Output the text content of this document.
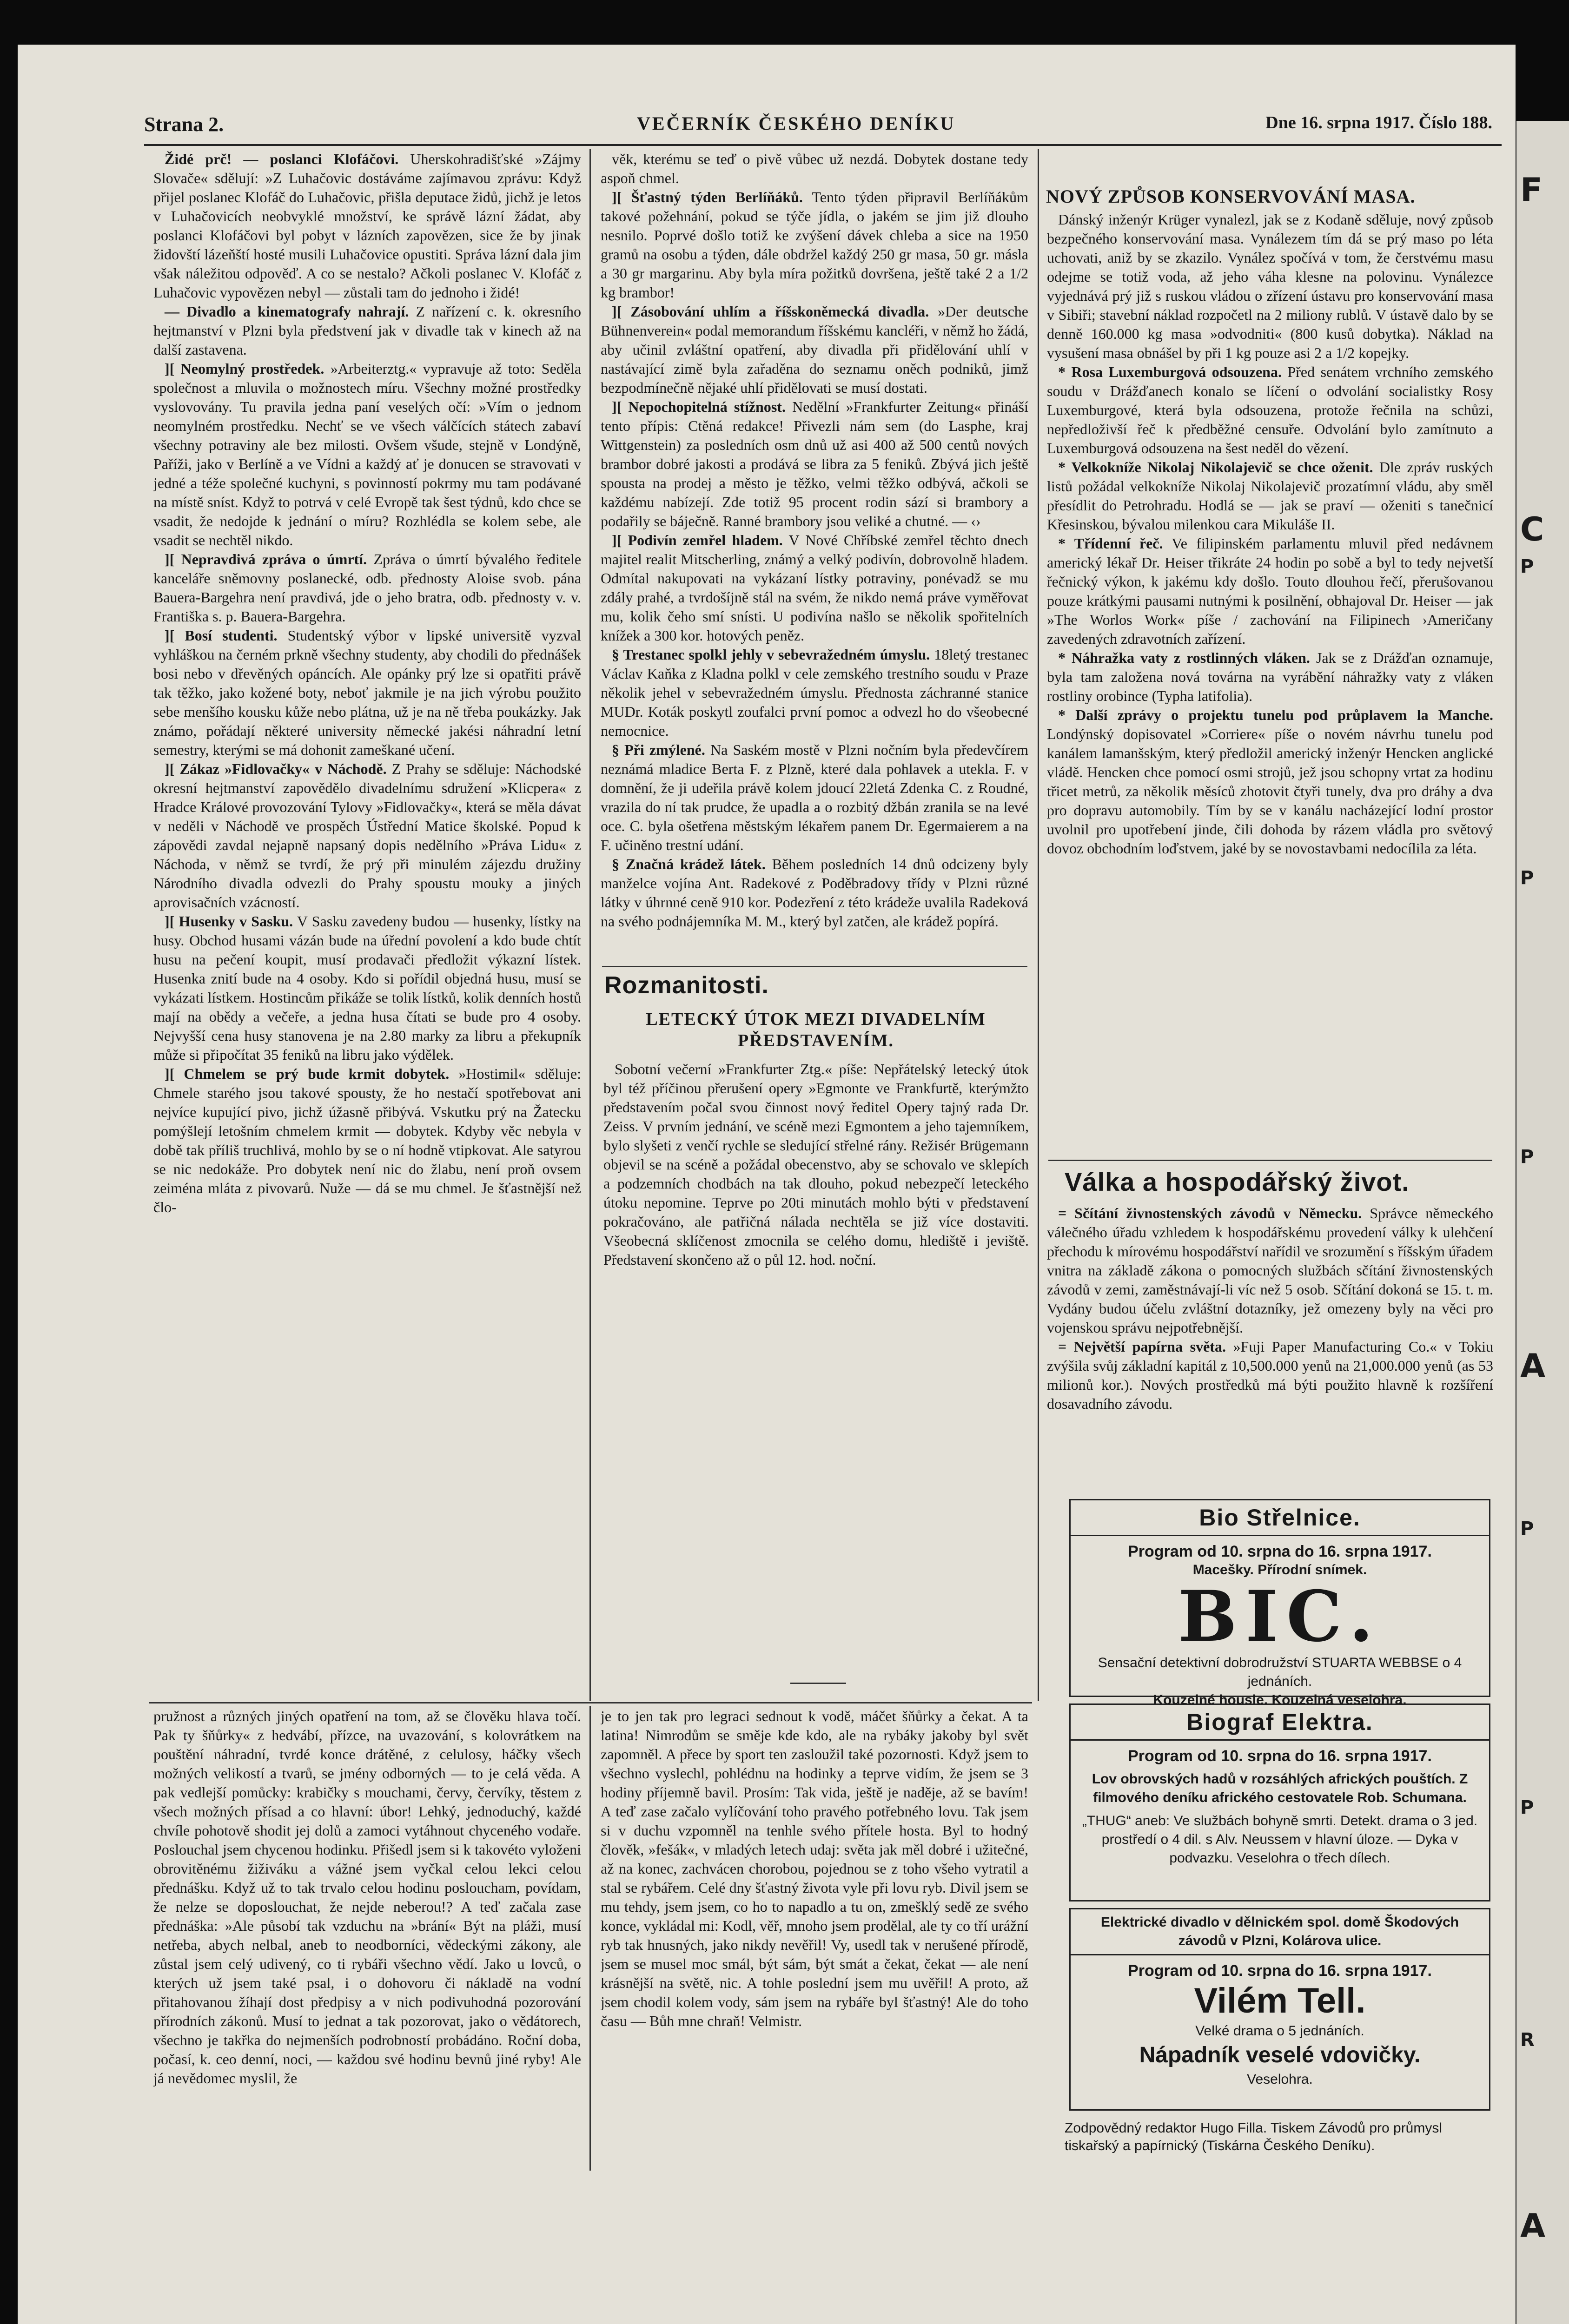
F
C
P
P
P
A
P
P
R
A
Strana 2.	VEČERNÍK ČESKÉHO DENÍKU	Dne 16. srpna 1917. Číslo 188.

Židé prč! — poslanci Klofáčovi. Uherskohradišťské »Zájmy Slovače« sdělují: »Z Luhačovic dostáváme zajímavou zprávu: Když přijel poslanec Klofáč do Luhačovic, přišla deputace židů, jichž je letos v Luhačovicích neobvyklé množství, ke správě lázní žádat, aby poslanci Klofáčovi byl pobyt v lázních zapovězen, sice že by jinak židovští lázeňští hosté musili Luhačovice opustiti. Správa lázní dala jim však náležitou odpověď. A co se nestalo? Ačkoli poslanec V. Klofáč z Luhačovic vypovězen nebyl — zůstali tam do jednoho i židé!

— Divadlo a kinematografy nahrají. Z nařízení c. k. okresního hejtmanství v Plzni byla předstvení jak v divadle tak v kinech až na další zastavena.

][ Neomylný prostředek. »Arbeiterztg.« vypravuje až toto: Seděla společnost a mluvila o možnostech míru. Všechny možné prostředky vyslovovány. Tu pravila jedna paní veselých očí: »Vím o jednom neomylném prostředku. Nechť se ve všech válčících státech zabaví všechny potraviny ale bez milosti. Ovšem všude, stejně v Londýně, Paříži, jako v Berlíně a ve Vídni a každý ať je donucen se stravovati v jedné a téže společné kuchyni, s povinností pokrmy mu tam podávané na místě sníst. Když to potrvá v celé Evropě tak šest týdnů, kdo chce se vsadit, že nedojde k jednání o míru? Rozhlédla se kolem sebe, ale vsadit se nechtěl nikdo.

][ Nepravdivá zpráva o úmrtí. Zpráva o úmrtí bývalého ředitele kanceláře sněmovny poslanecké, odb. přednosty Aloise svob. pána Bauera-Bargehra není pravdivá, jde o jeho bratra, odb. přednosty v. v. Františka s. p. Bauera-Bargehra.

][ Bosí studenti. Studentský výbor v lipské universitě vyzval vyhláškou na černém prkně všechny studenty, aby chodili do přednášek bosi nebo v dřevěných opáncích. Ale opánky prý lze si opatřiti právě tak těžko, jako kožené boty, neboť jakmile je na jich výrobu použito sebe menšího kousku kůže nebo plátna, už je na ně třeba poukázky. Jak známo, pořádají některé university německé jakési náhradní letní semestry, kterými se má dohonit zameškané učení.

][ Zákaz »Fidlovačky« v Náchodě. Z Prahy se sděluje: Náchodské okresní hejtmanství zapovědělo divadelnímu sdružení »Klicpera« z Hradce Králové provozování Tylovy »Fidlovačky«, která se měla dávat v neděli v Náchodě ve prospěch Ústřední Matice školské. Popud k zápovědi zavdal nejapně napsaný dopis nedělního »Práva Lidu« z Náchoda, v němž se tvrdí, že prý při minulém zájezdu družiny Národního divadla odvezli do Prahy spoustu mouky a jiných aprovisačních vzácností.

][ Husenky v Sasku. V Sasku zavedeny budou — husenky, lístky na husy. Obchod husami vázán bude na úřední povolení a kdo bude chtít husu na pečení koupit, musí prodavači předložit výkazní lístek. Husenka znití bude na 4 osoby. Kdo si pořídil objedná husu, musí se vykázati lístkem. Hostincům přikáže se tolik lístků, kolik denních hostů mají na obědy a večeře, a jedna husa čítati se bude pro 4 osoby. Nejvyšší cena husy stanovena je na 2.80 marky za libru a překupník může si připočítat 35 feniků na libru jako výdělek.

][ Chmelem se prý bude krmit dobytek. »Hostimil« sděluje: Chmele starého jsou takové spousty, že ho nestačí spotřebovat ani nejvíce kupující pivo, jichž úžasně přibývá. Vskutku prý na Žatecku pomýšlejí letošním chmelem krmit — dobytek. Kdyby věc nebyla v době tak příliš truchlivá, mohlo by se o ní hodně vtipkovat. Ale satyrou se nic nedokáže. Pro dobytek není nic do žlabu, není proň ovsem zeiména mláta z pivovarů. Nuže — dá se mu chmel. Je šťastnější než člo-

věk, kterému se teď o pivě vůbec už nezdá. Dobytek dostane tedy aspoň chmel.

][ Šťastný týden Berlíňáků. Tento týden připravil Berlíňákům takové požehnání, pokud se týče jídla, o jakém se jim již dlouho nesnilo. Poprvé došlo totiž ke zvýšení dávek chleba a sice na 1950 gramů na osobu a týden, dále obdržel každý 250 gr masa, 50 gr. másla a 30 gr margarinu. Aby byla míra požitků dovršena, ještě také 2 a 1/2 kg brambor!

][ Zásobování uhlím a říšskoněmecká divadla. »Der deutsche Bühnenverein« podal memorandum říšskému kancléři, v němž ho žádá, aby učinil zvláštní opatření, aby divadla při přidělování uhlí v nastávající zimě byla zařaděna do seznamu oněch podniků, jimž bezpodmínečně nějaké uhlí přidělovati se musí dostati.

][ Nepochopitelná stížnost. Nedělní »Frankfurter Zeitung« přináší tento přípis: Ctěná redakce! Přivezli nám sem (do Lasphe, kraj Wittgenstein) za posledních osm dnů už asi 400 až 500 centů nových brambor dobré jakosti a prodává se libra za 5 feniků. Zbývá jich ještě spousta na prodej a město je těžko, velmi těžko odbývá, ačkoli se každému nabízejí. Zde totiž 95 procent rodin sází si brambory a podařily se báječně. Ranné brambory jsou veliké a chutné. — ‹›

][ Podivín zemřel hladem. V Nové Chříbské zemřel těchto dnech majitel realit Mitscherling, známý a velký podivín, dobrovolně hladem. Odmítal nakupovati na vykázaní lístky potraviny, ponévadž se mu zdály prahé, a tvrdošíjně stál na svém, že nikdo nemá práve vyměřovat mu, kolik čeho smí snísti. U podivína našlo se několik spořitelních knížek a 300 kor. hotových peněz.

§ Trestanec spolkl jehly v sebevražedném úmyslu. 18letý trestanec Václav Kaňka z Kladna polkl v cele zemského trestního soudu v Praze několik jehel v sebevražedném úmyslu. Přednosta záchranné stanice MUDr. Koták poskytl zoufalci první pomoc a odvezl ho do všeobecné nemocnice.

§ Při zmýlené. Na Saském mostě v Plzni nočním byla předevčírem neznámá mladice Berta F. z Plzně, které dala pohlavek a utekla. F. v domnění, že ji udeřila právě kolem jdoucí 22letá Zdenka C. z Roudné, vrazila do ní tak prudce, že upadla a o rozbitý džbán zranila se na levé oce. C. byla ošetřena městským lékařem panem Dr. Egermaierem a na F. učiněno trestní udání.

§ Značná krádež látek. Během posledních 14 dnů odcizeny byly manželce vojína Ant. Radekové z Poděbradovy třídy v Plzni různé látky v úhrnné ceně 910 kor. Podezření z této krádeže uvalila Radeková na svého podnájemníka M. M., který byl zatčen, ale krádež popírá.

Rozmanitosti.
LETECKÝ ÚTOK MEZI DIVADELNÍM PŘEDSTAVENÍM.

Sobotní večerní »Frankfurter Ztg.« píše: Nepřátelský letecký útok byl též příčinou přerušení opery »Egmonte ve Frankfurtě, kterýmžto představením počal svou činnost nový ředitel Opery tajný rada Dr. Zeiss. V prvním jednání, ve scéně mezi Egmontem a jeho tajemníkem, bylo slyšeti z venčí rychle se sledující střelné rány. Režisér Brügemann objevil se na scéně a požádal obecenstvo, aby se schovalo ve sklepích a podzemních chodbách na tak dlouho, pokud nebezpečí leteckého útoku nepomine. Teprve po 20ti minutách mohlo býti v představení pokračováno, ale patřičná nálada nechtěla se již více dostaviti. Všeobecná sklíčenost zmocnila se celého domu, hlediště i jeviště. Představení skončeno až o půl 12. hod. noční.

NOVÝ ZPŮSOB KONSERVOVÁNÍ MASA.

Dánský inženýr Krüger vynalezl, jak se z Kodaně sděluje, nový způsob bezpečného konservování masa. Vynálezem tím dá se prý maso po léta uchovati, aniž by se zkazilo. Vynález spočívá v tom, že čerstvému masu odejme se totiž voda, až jeho váha klesne na polovinu. Vynálezce vyjednává prý již s ruskou vládou o zřízení ústavu pro konservování masa v Sibiři; stavební náklad rozpočetl na 2 miliony rublů. V ústavě dalo by se denně 160.000 kg masa »odvodniti« (800 kusů dobytka). Náklad na vysušení masa obnášel by při 1 kg pouze asi 2 a 1/2 kopejky.

* Rosa Luxemburgová odsouzena. Před senátem vrchního zemského soudu v Drážďanech konalo se líčení o odvolání socialistky Rosy Luxemburgové, která byla odsouzena, protože řečnila na schůzi, nepředloživší řeč k předběžné censuře. Odvolání bylo zamítnuto a Luxemburgová odsouzena na šest neděl do vězení.

* Velkokníže Nikolaj Nikolajevič se chce oženit. Dle zpráv ruských listů požádal velkokníže Nikolaj Nikolajevič prozatímní vládu, aby směl přesídlit do Petrohradu. Hodlá se — jak se praví — oženiti s tanečnicí Křesinskou, bývalou milenkou cara Mikuláše II.

* Třídenní řeč. Ve filipinském parlamentu mluvil před nedávnem americký lékař Dr. Heiser třikráte 24 hodin po sobě a byl to tedy nejvetší řečnický výkon, k jakému kdy došlo. Touto dlouhou řečí, přerušovanou pouze krátkými pausami nutnými k posilnění, obhajoval Dr. Heiser — jak »The Worlos Work« píše / zachování na Filipinech ›Američany zavedených zdravotních zařízení.

* Náhražka vaty z rostlinných vláken. Jak se z Drážďan oznamuje, byla tam založena nová továrna na vyrábění náhražky vaty z vláken rostliny orobince (Typha latifolia).

* Další zprávy o projektu tunelu pod průplavem la Manche. Londýnský dopisovatel »Corriere« píše o novém návrhu tunelu pod kanálem lamanšským, který předložil americký inženýr Hencken anglické vládě. Hencken chce pomocí osmi strojů, jež jsou schopny vrtat za hodinu třicet metrů, za několik měsíců zhotovit čtyři tunely, dva pro dráhy a dva pro dopravu automobily. Tím by se v kanálu nacházející lodní prostor uvolnil pro upotřebení jinde, čili dohoda by rázem vládla pro světový dovoz obchodním loďstvem, jaké by se novostavbami nedocílila za léta.

Válka a hospodářský život.

= Sčítání živnostenských závodů v Německu. Správce německého válečného úřadu vzhledem k hospodářskému provedení války k ulehčení přechodu k mírovému hospodářství nařídil ve srozumění s říšským úřadem vnitra na základě zákona o pomocných službách sčítání živnostenských závodů v zemi, zaměstnávají-li víc než 5 osob. Sčítání dokoná se 15. t. m. Vydány budou účelu zvláštní dotazníky, jež omezeny byly na věci pro vojenskou správu nejpotřebnější.

= Největší papírna světa. »Fuji Paper Manufacturing Co.« v Tokiu zvýšila svůj základní kapitál z 10,500.000 yenů na 21,000.000 yenů (as 53 milionů kor.). Nových prostředků má býti použito hlavně k rozšíření dosavadního závodu.

Bio Střelnice.
Program od 10. srpna do 16. srpna 1917.
Macešky. Přírodní snímek.
BIC.
Sensační detektivní dobrodružství STUARTA WEBBSE o 4 jednáních.
Kouzelné housle. Kouzelná veselohra.
Biograf Elektra.
Program od 10. srpna do 16. srpna 1917.
Lov obrovských hadů v rozsáhlých afrických pouštích. Z filmového deníku afrického cestovatele Rob. Schumana.
„THUG“ aneb: Ve službách bohyně smrti. Detekt. drama o 3 jed. prostředí o 4 dil. s Alv. Neussem v hlavní úloze. — Dyka v podvazku. Veselohra o třech dílech.
Elektrické divadlo v dělnickém spol. domě Škodových závodů v Plzni, Kolárova ulice.
Program od 10. srpna do 16. srpna 1917.
Vilém Tell.
Velké drama o 5 jednáních.
Nápadník veselé vdovičky.
Veselohra.

pružnost a různých jiných opatření na tom, až se člověku hlava točí. Pak ty šňůrky« z hedvábí, přízce, na uvazování, s kolovrátkem na pouštění náhradní, tvrdé konce drátěné, z celulosy, háčky všech možných velikostí a tvarů, se jmény odborných — to je celá věda. A pak vedlejší pomůcky: krabičky s mouchami, červy, červíky, těstem z všech možných přísad a co hlavní: úbor! Lehký, jednoduchý, každé chvíle pohotově shodit jej dolů a zamoci vytáhnout chyceného vodaře. Poslouchal jsem chycenou hodinku. Přišedl jsem si k takovéto vyloženi obrovitěnému žiživáku a vážné jsem vyčkal celou lekci celou přednášku. Když už to tak trvalo celou hodinu posloucham, povídam, že nelze se doposlouchat, že nejde neberou!? A teď začala zase přednáška: »Ale působí tak vzduchu na »brání« Být na pláži, musí netřeba, abych nelbal, aneb to neodborníci, vědeckými zákony, ale zůstal jsem celý udivený, co ti rybáři všechno vědí. Jako u lovců, o kterých už jsem také psal, i o dohovoru či nákladě na vodní přitahovanou žíhají dost předpisy a v nich podivuhodná pozorování přírodních zákonů. Musí to jednat a tak pozorovat, jako o vědátorech, všechno je takřka do nejmenších podrobností probádáno. Roční doba, počasí, k. ceo denní, noci, — každou své hodinu bevnů jiné ryby! Ale já nevědomec myslil, že

je to jen tak pro legraci sednout k vodě, máčet šňůrky a čekat. A ta latina! Nimrodům se směje kde kdo, ale na rybáky jakoby byl svět zapomněl. A přece by sport ten zasloužil také pozornosti. Když jsem to všechno vyslechl, pohlédnu na hodinky a teprve vidím, že jsem se 3 hodiny příjemně bavil. Prosím: Tak vida, ještě je naděje, až se bavím! A teď zase začalo vylíčování toho pravého potřebného lovu. Tak jsem si v duchu vzpomněl na tenhle svého přítele hosta. Byl to hodný člověk, »fešák«, v mladých letech udaj: světa jak měl dobré i užitečné, až na konec, zachvácen chorobou, pojednou se z toho všeho vytratil a stal se rybářem. Celé dny šťastný života vyle při lovu ryb. Divil jsem se mu tehdy, jsem jsem, co ho to napadlo a tu on, zmešklý sedě ze svého konce, vykládal mi: Kodl, věř, mnoho jsem prodělal, ale ty co tří urážní ryb tak hnusných, jako nikdy nevěřil! Vy, usedl tak v nerušené přírodě, jsem se musel moc smál, být sám, být smát a čekat, čekat — ale není krásnější na světě, nic. A tohle poslední jsem mu uvěřil! A proto, až jsem chodil kolem vody, sám jsem na rybáře byl šťastný! Ale do toho času — Bůh mne chraň! Velmistr.

Zodpovědný redaktor Hugo Filla. Tiskem Závodů pro průmysl tiskařský a papírnický (Tiskárna Českého Deníku).
